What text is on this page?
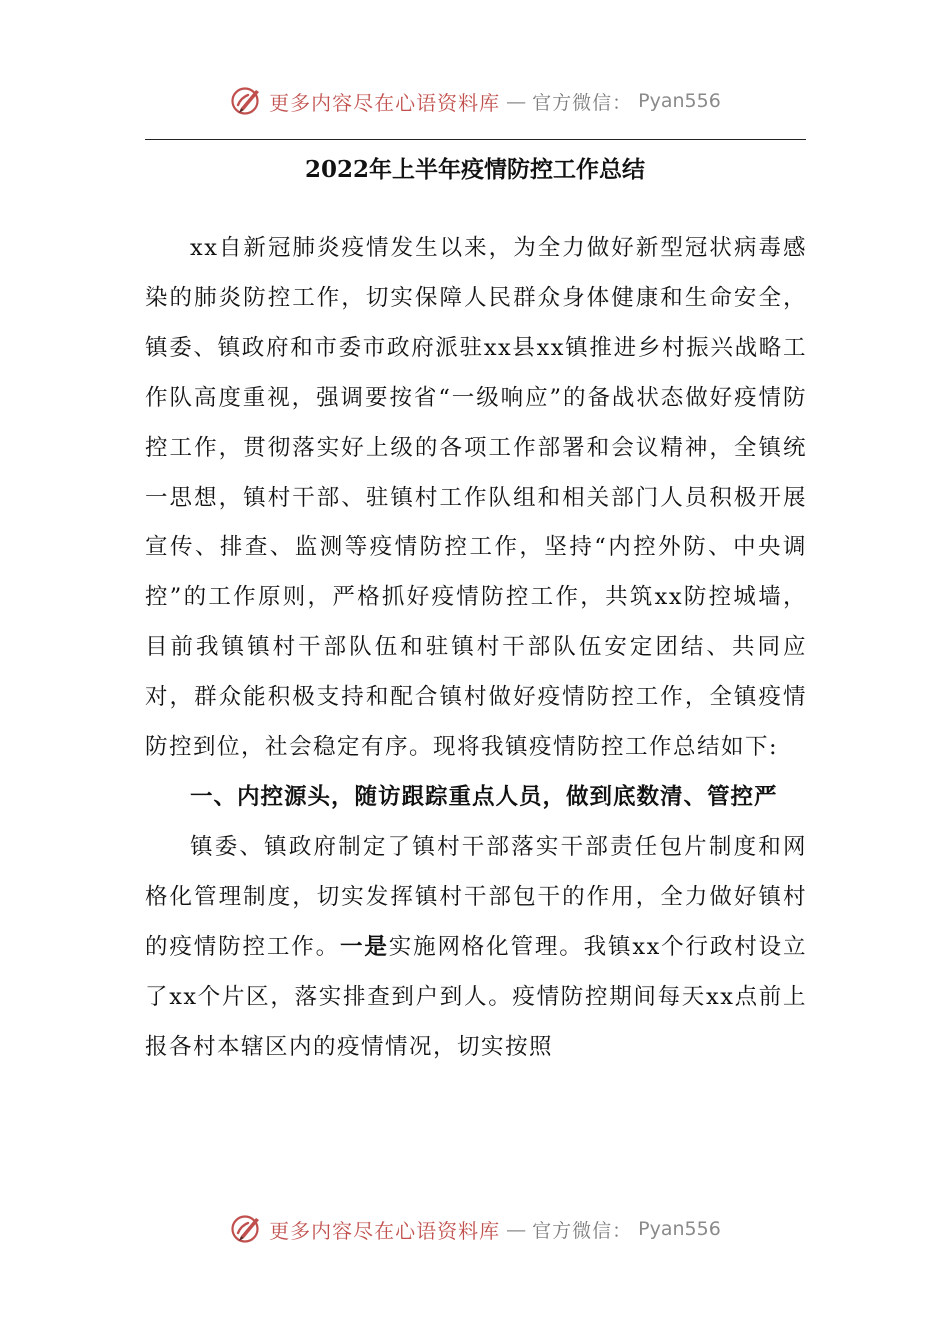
更多内容尽在心语资料库 — 官方微信： Pyan556
2022年上半年疫情防控工作总结

xx自新冠肺炎疫情发生以来，为全力做好新型冠状病毒感染的肺炎防控工作，切实保障人民群众身体健康和生命安全，镇委、镇政府和市委市政府派驻xx县xx镇推进乡村振兴战略工作队高度重视，强调要按省“一级响应”的备战状态做好疫情防控工作，贯彻落实好上级的各项工作部署和会议精神，全镇统一思想，镇村干部、驻镇村工作队组和相关部门人员积极开展宣传、排查、监测等疫情防控工作，坚持“内控外防、中央调控”的工作原则，严格抓好疫情防控工作，共筑xx防控城墙，目前我镇镇村干部队伍和驻镇村干部队伍安定团结、共同应对，群众能积极支持和配合镇村做好疫情防控工作，全镇疫情防控到位，社会稳定有序。现将我镇疫情防控工作总结如下:

一、内控源头，随访跟踪重点人员，做到底数清、管控严

镇委、镇政府制定了镇村干部落实干部责任包片制度和网格化管理制度，切实发挥镇村干部包干的作用，全力做好镇村的疫情防控工作。一是实施网格化管理。我镇xx个行政村设立了xx个片区，落实排查到户到人。疫情防控期间每天xx点前上报各村本辖区内的疫情情况，切实按照

更多内容尽在心语资料库 — 官方微信： Pyan556
